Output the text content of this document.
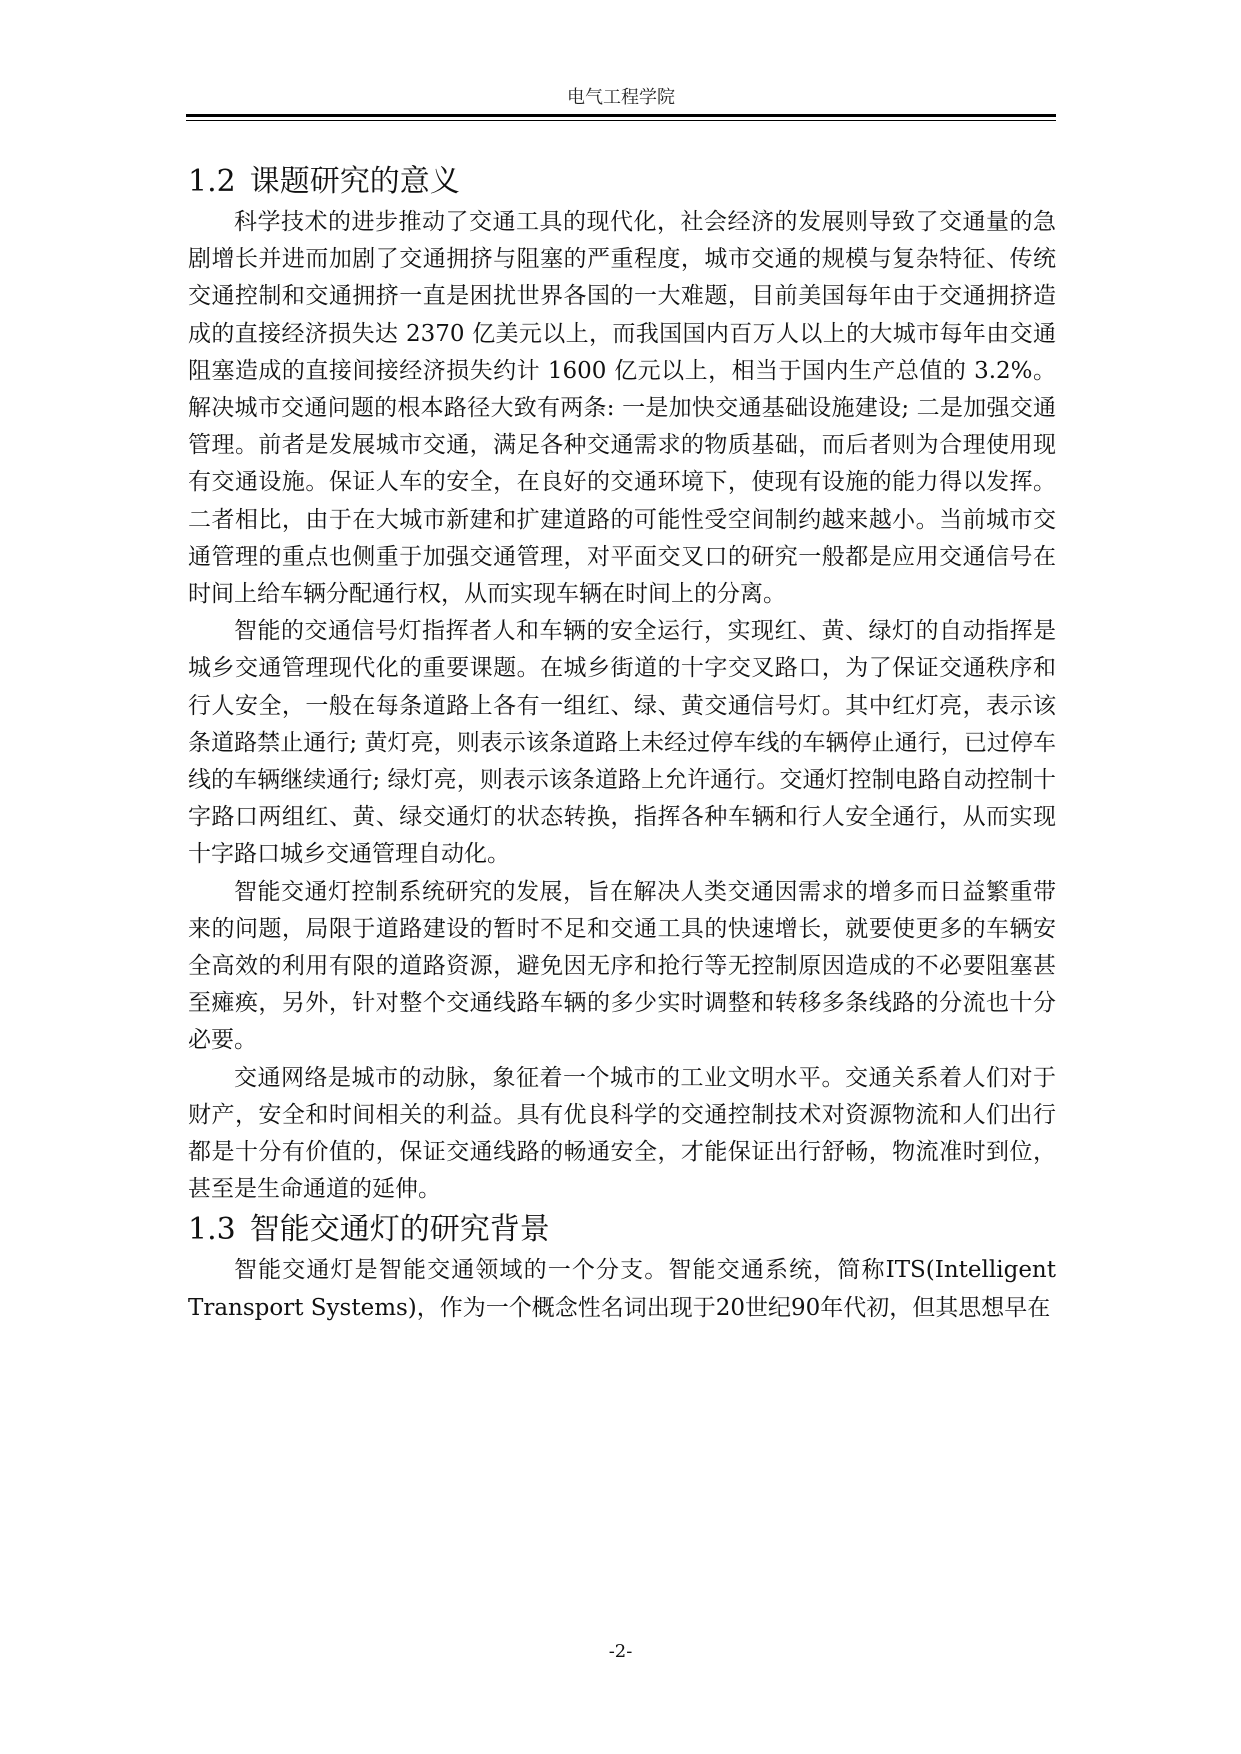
电气工程学院
1.2 课题研究的意义

科学技术的进步推动了交通工具的现代化，社会经济的发展则导致了交通量的急剧增长并进而加剧了交通拥挤与阻塞的严重程度，城市交通的规模与复杂特征、传统交通控制和交通拥挤一直是困扰世界各国的一大难题，目前美国每年由于交通拥挤造成的直接经济损失达 2370 亿美元以上，而我国国内百万人以上的大城市每年由交通阻塞造成的直接间接经济损失约计 1600 亿元以上，相当于国内生产总值的 3.2%。解决城市交通问题的根本路径大致有两条: 一是加快交通基础设施建设; 二是加强交通管理。前者是发展城市交通，满足各种交通需求的物质基础，而后者则为合理使用现有交通设施。保证人车的安全，在良好的交通环境下，使现有设施的能力得以发挥。二者相比，由于在大城市新建和扩建道路的可能性受空间制约越来越小。当前城市交通管理的重点也侧重于加强交通管理，对平面交叉口的研究一般都是应用交通信号在时间上给车辆分配通行权，从而实现车辆在时间上的分离。

智能的交通信号灯指挥者人和车辆的安全运行，实现红、黄、绿灯的自动指挥是城乡交通管理现代化的重要课题。在城乡街道的十字交叉路口，为了保证交通秩序和行人安全，一般在每条道路上各有一组红、绿、黄交通信号灯。其中红灯亮，表示该条道路禁止通行; 黄灯亮，则表示该条道路上未经过停车线的车辆停止通行，已过停车线的车辆继续通行; 绿灯亮，则表示该条道路上允许通行。交通灯控制电路自动控制十字路口两组红、黄、绿交通灯的状态转换，指挥各种车辆和行人安全通行，从而实现十字路口城乡交通管理自动化。

智能交通灯控制系统研究的发展，旨在解决人类交通因需求的增多而日益繁重带来的问题，局限于道路建设的暂时不足和交通工具的快速增长，就要使更多的车辆安全高效的利用有限的道路资源，避免因无序和抢行等无控制原因造成的不必要阻塞甚至瘫痪，另外，针对整个交通线路车辆的多少实时调整和转移多条线路的分流也十分必要。

交通网络是城市的动脉，象征着一个城市的工业文明水平。交通关系着人们对于财产，安全和时间相关的利益。具有优良科学的交通控制技术对资源物流和人们出行都是十分有价值的，保证交通线路的畅通安全，才能保证出行舒畅，物流准时到位，甚至是生命通道的延伸。

1.3 智能交通灯的研究背景

智能交通灯是智能交通领域的一个分支。智能交通系统，简称ITS(Intelligent Transport Systems)，作为一个概念性名词出现于20世纪90年代初，但其思想早在

-2-
